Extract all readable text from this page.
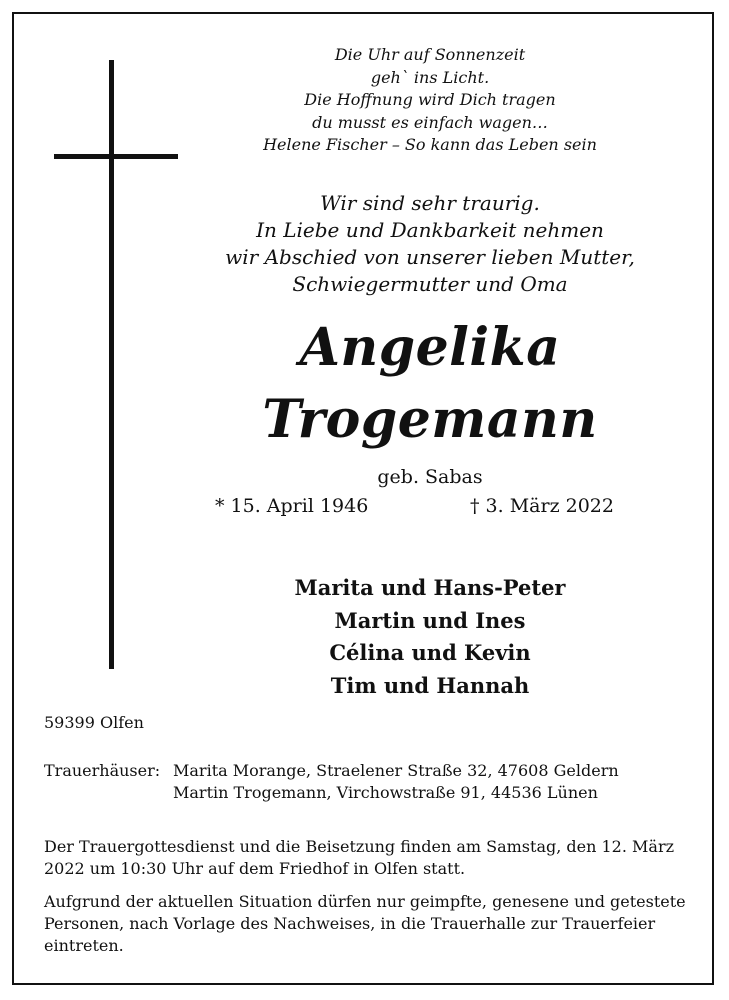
Die Uhr auf Sonnenzeit
geh` ins Licht.
Die Hoffnung wird Dich tragen
du musst es einfach wagen…
Helene Fischer – So kann das Leben sein
Wir sind sehr traurig.
In Liebe und Dankbarkeit nehmen
wir Abschied von unserer lieben Mutter,
Schwiegermutter und Oma
Angelika
Trogemann
geb. Sabas
* 15. April 1946	† 3. März 2022
Marita und Hans-Peter
Martin und Ines
Célina und Kevin
Tim und Hannah
59399 Olfen
Trauerhäuser: Marita Morange, Straelener Straße 32, 47608 Geldern
Martin Trogemann, Virchowstraße 91, 44536 Lünen
Der Trauergottesdienst und die Beisetzung finden am Samstag, den 12. März 2022 um 10:30 Uhr auf dem Friedhof in Olfen statt.
Aufgrund der aktuellen Situation dürfen nur geimpfte, genesene und getestete Personen, nach Vorlage des Nachweises, in die Trauerhalle zur Trauerfeier eintreten.
